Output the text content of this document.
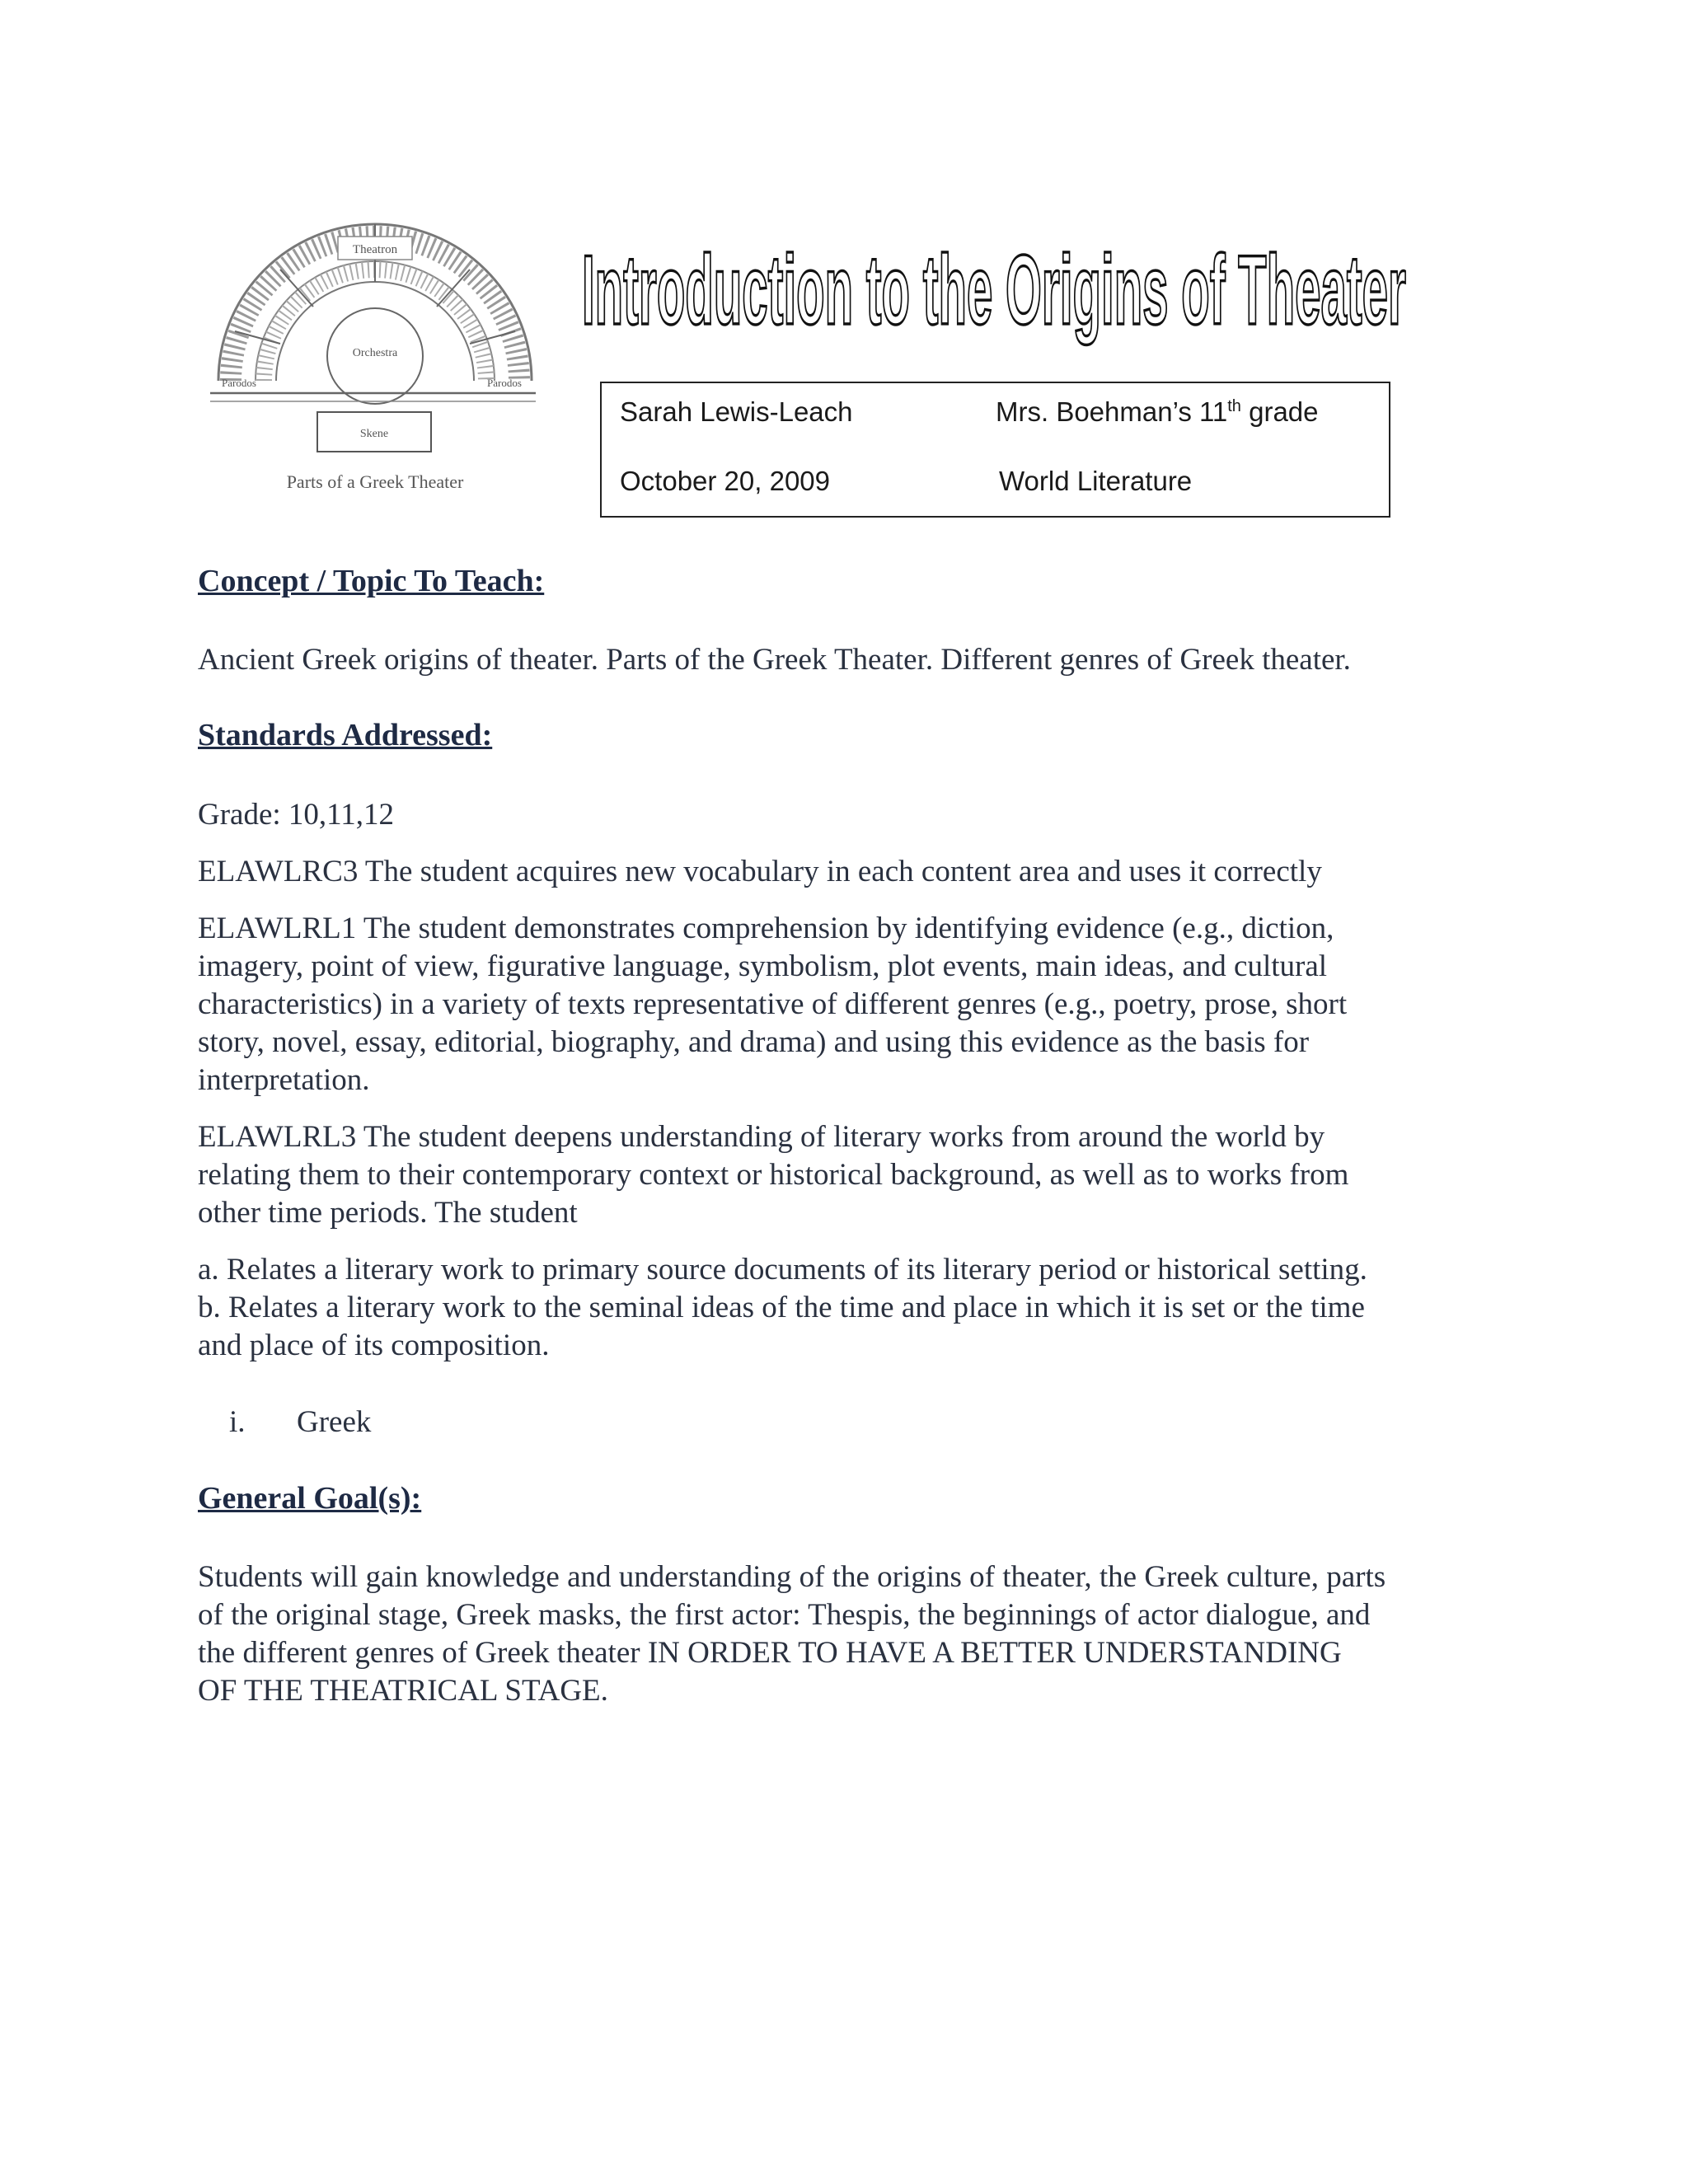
Theatron
Orchestra
Parodos	Parodos
Skene
Parts of a Greek Theater
Introduction to the Origins of Theater
Sarah Lewis-Leach	Mrs. Boehman’s 11th grade
October 20, 2009	World Literature
Concept / Topic To Teach:

Ancient Greek origins of theater. Parts of the Greek Theater. Different genres of Greek theater.

Standards Addressed:

Grade: 10,11,12

ELAWLRC3 The student acquires new vocabulary in each content area and uses it correctly

ELAWLRL1 The student demonstrates comprehension by identifying evidence (e.g., diction,
imagery, point of view, figurative language, symbolism, plot events, main ideas, and cultural
characteristics) in a variety of texts representative of different genres (e.g., poetry, prose, short
story, novel, essay, editorial, biography, and drama) and using this evidence as the basis for
interpretation.

ELAWLRL3 The student deepens understanding of literary works from around the world by
relating them to their contemporary context or historical background, as well as to works from
other time periods. The student

a. Relates a literary work to primary source documents of its literary period or historical setting.
b. Relates a literary work to the seminal ideas of the time and place in which it is set or the time
and place of its composition.

i. Greek
General Goal(s):

Students will gain knowledge and understanding of the origins of theater, the Greek culture, parts
of the original stage, Greek masks, the first actor: Thespis, the beginnings of actor dialogue, and
the different genres of Greek theater IN ORDER TO HAVE A BETTER UNDERSTANDING
OF THE THEATRICAL STAGE.
